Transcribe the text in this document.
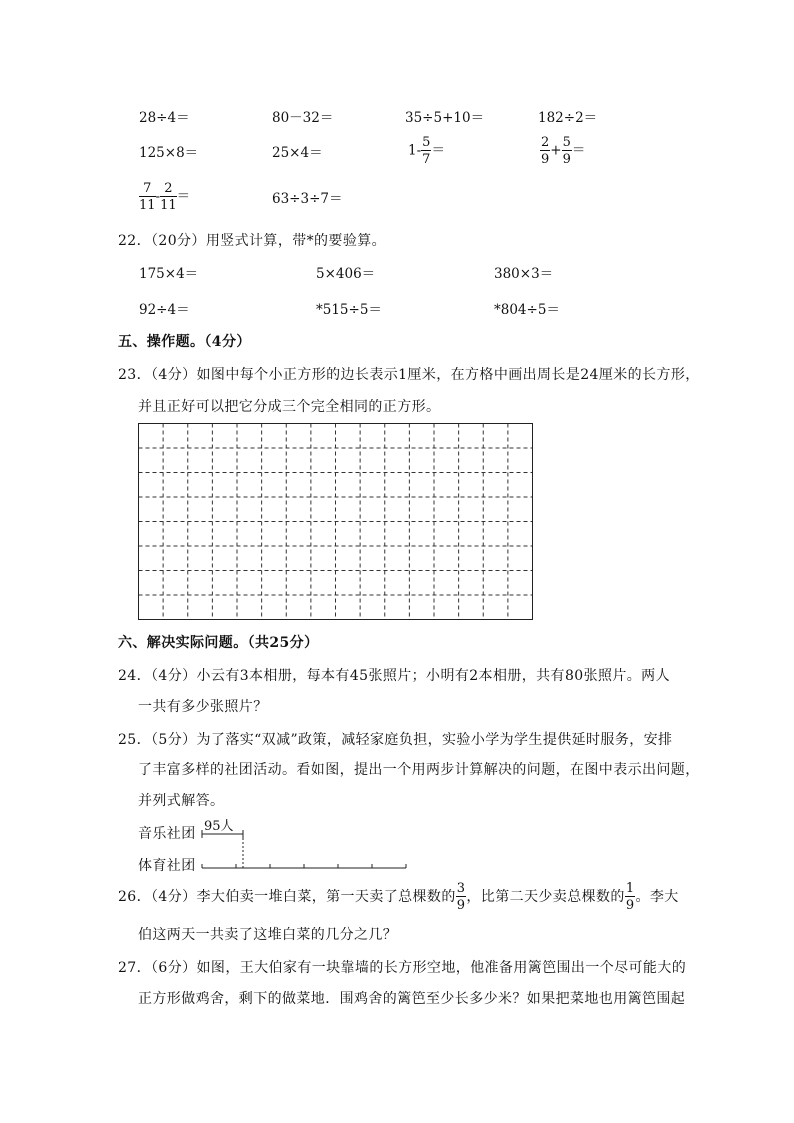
28÷4＝	80－32＝	35÷5+10＝	182÷2＝
125×8＝	25×4＝	$1- \frac{5}{7}$ ＝	$\frac{2}{9} + \frac{5}{9}$ ＝
$\frac{7}{11} - \frac{2}{11}$ ＝	63÷3÷7＝
22．（20分）用竖式计算，带*的要验算。
175×4＝	5×406＝	380×3＝
92÷4＝	*515÷5＝	*804÷5＝
五、操作题。（4分）
23．（4分）如图中每个小正方形的边长表示1厘米，在方格中画出周长是24厘米的长方形，
并且正好可以把它分成三个完全相同的正方形。
六、解决实际问题。（共25分）
24．（4分）小云有3本相册，每本有45张照片；小明有2本相册，共有80张照片。两人
一共有多少张照片？
25．（5分）为了落实“双减”政策，减轻家庭负担，实验小学为学生提供延时服务，安排
了丰富多样的社团活动。看如图，提出一个用两步计算解决的问题，在图中表示出问题，
并列式解答。
音乐社团 95人
体育社团
26．（4分）李大伯卖一堆白菜，第一天卖了总棵数的 $\frac{3}{9}$ ，比第二天少卖总棵数的 $\frac{1}{9}$ 。李大
伯这两天一共卖了这堆白菜的几分之几？
27．（6分）如图，王大伯家有一块靠墙的长方形空地，他准备用篱笆围出一个尽可能大的
正方形做鸡舍，剩下的做菜地．围鸡舍的篱笆至少长多少米？如果把菜地也用篱笆围起
